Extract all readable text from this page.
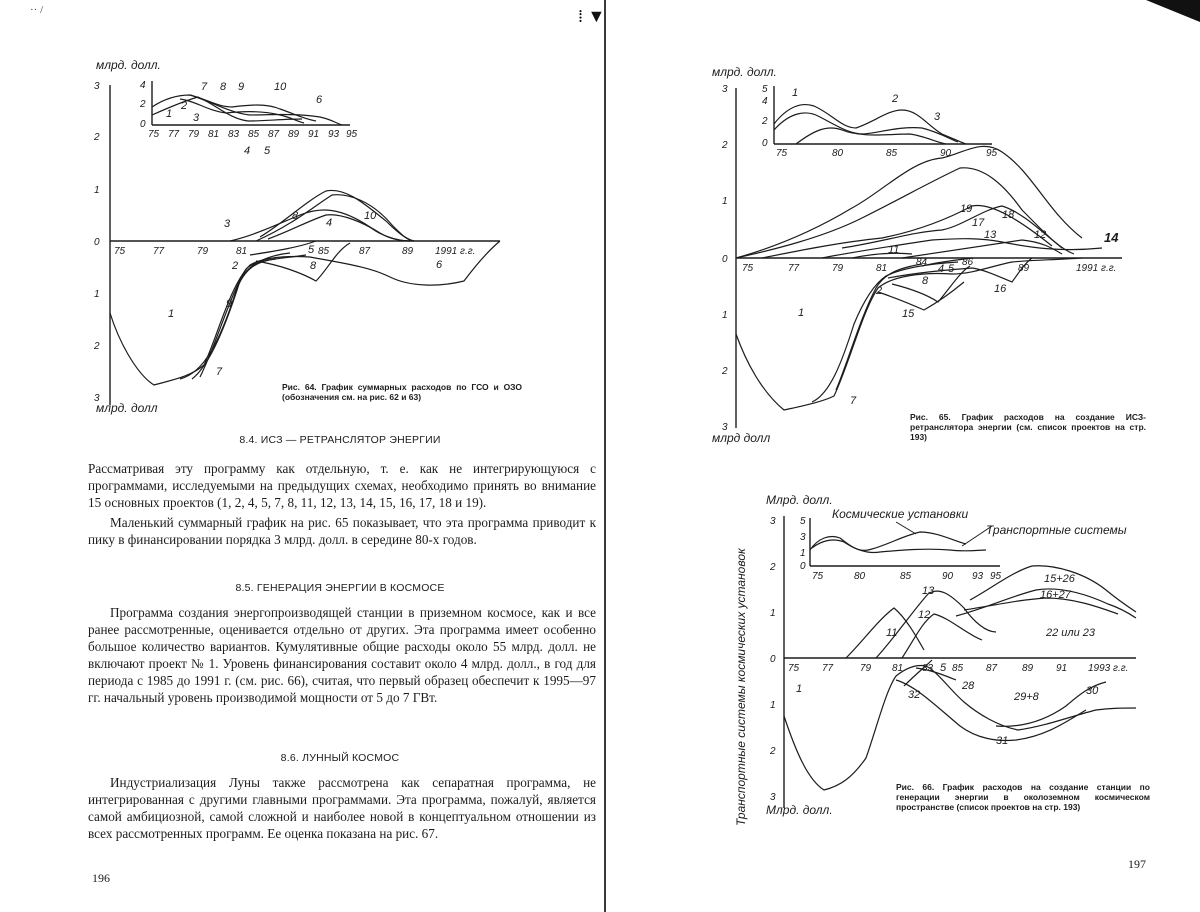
·· /
млрд. долл.
млрд. долл
3
2
1
0
1
2
3
75	77	79	81	85	87	89 1991 г.г.
1
2
3	4
5
6
7
8
9
10
8
4
2
0
75 77 79 81 83 85 87 89 91 93 95
1
2
3
4 5
6
7 8 9	10
Рис. 64. График суммарных расходов по ГСО и ОЗО (обозначения см. на рис. 62 и 63)
8.4. ИСЗ — РЕТРАНСЛЯТОР ЭНЕРГИИ
Рассматривая эту программу как отдельную, т. е. как не интегрирующуюся с программами, исследуемыми на предыдущих схемах, необходимо принять во внимание 15 основных проектов (1, 2, 4, 5, 7, 8, 11, 12, 13, 14, 15, 16, 17, 18 и 19).
Маленький суммарный график на рис. 65 показывает, что эта программа приводит к пику в финансировании порядка 3 млрд. долл. в середине 80-х годов.
8.5. ГЕНЕРАЦИЯ ЭНЕРГИИ В КОСМОСЕ
Программа создания энергопроизводящей станции в приземном космосе, как и все ранее рассмотренные, оценивается отдельно от других. Эта программа имеет особенно большое количество вариантов. Кумулятивные общие расходы около 55 млрд. долл. не включают проект № 1. Уровень финансирования составит около 4 млрд. долл., в год для периода с 1985 до 1991 г. (см. рис. 66), считая, что первый образец обеспечит к 1995—97 гг. начальный уровень производимой мощности от 5 до 7 ГВт.
8.6. ЛУННЫЙ КОСМОС
Индустриализация Луны также рассмотрена как сепаратная программа, не интегрированная с другими главными программами. Эта программа, пожалуй, является самой амбициозной, самой сложной и наиболее новой в концептуальном отношении из всех рассмотренных программ. Ее оценка показана на рис. 67.
196
⁞ ▼
млрд. долл.
млрд долл
3
2
1
0
1
2
3
75	77	79	81
84	86
89	1991 г.г.
1
2
4 5
7
8
11
12
13	14
15
16
17
18
19
5
4
2
0
75	80	85	90	95
1	2
3
Рис. 65. График расходов на создание ИСЗ-ретранслятора энергии (см. список проектов на стр. 193)
Транспортные системы космических установок
Млрд. долл.
Млрд. долл.
3
2
1
0
1
2
3
75 77	79 81 83 85 87 89 91 1993 г.г.
1
5
11
12
13
15+26
16+27
22 или 23
28
29+8	30
31
32
5
3
1
0
75	80	85	90 93 95
Космические установки
Транспортные системы
Рис. 66. График расходов на создание станции по генерации энергии в околоземном космическом пространстве (список проектов на стр. 193)
197
